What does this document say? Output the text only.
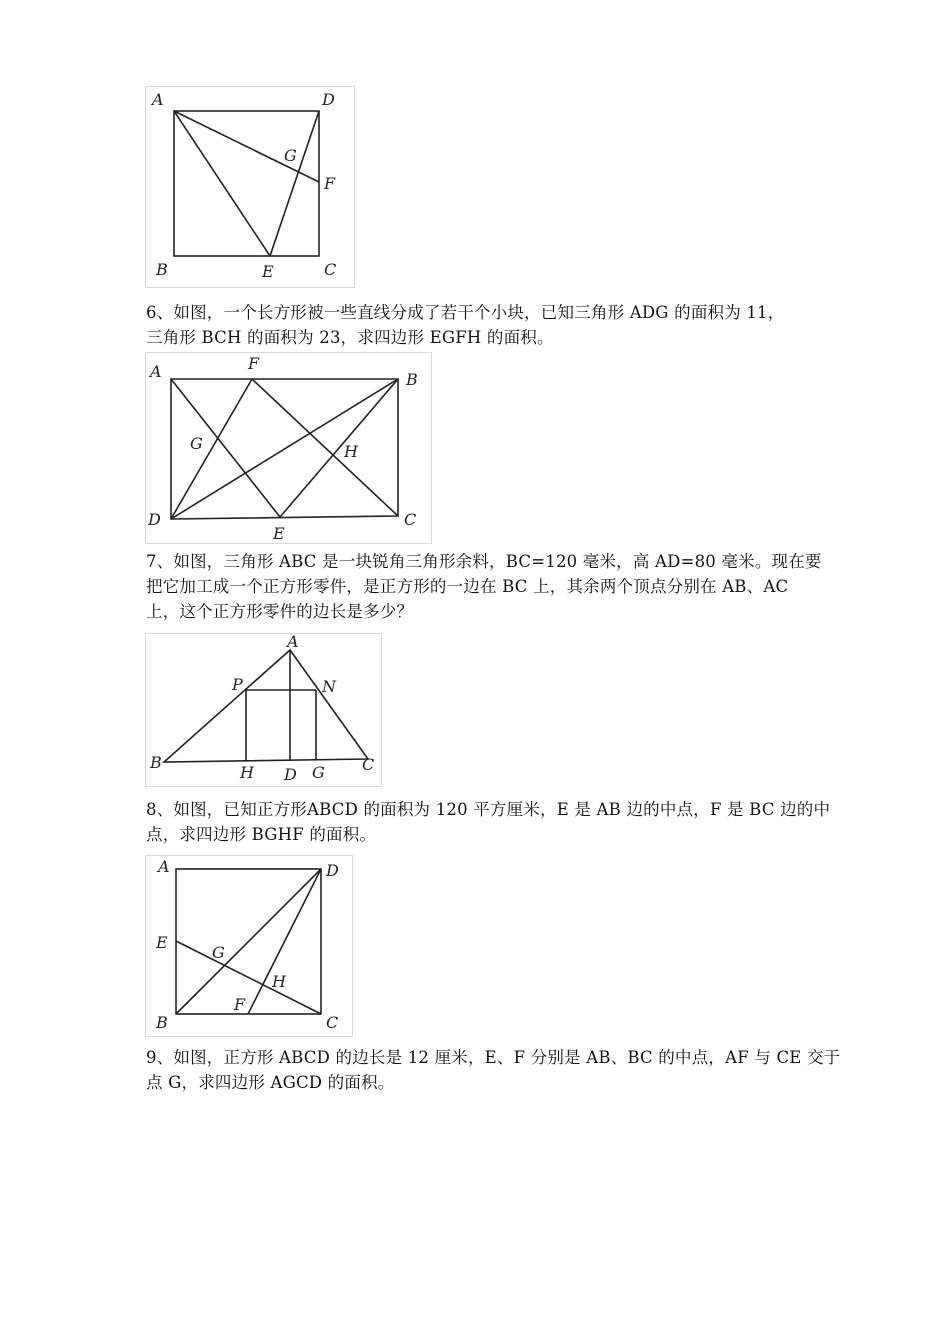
A	D
G
F
B	E	C

6、如图，一个长方形被一些直线分成了若干个小块，已知三角形 ADG 的面积为 11，
三角形 BCH 的面积为 23，求四边形 EGFH 的面积。

A	F
B
G	H
D
E
C

7、如图，三角形 ABC 是一块锐角三角形余料，BC=120 毫米，高 AD=80 毫米。现在要
把它加工成一个正方形零件，是正方形的一边在 BC 上，其余两个顶点分别在 AB、AC
上，这个正方形零件的边长是多少？

A
P	N
B
H D G C

8、如图，已知正方形ABCD 的面积为 120 平方厘米，E 是 AB 边的中点，F 是 BC 边的中
点，求四边形 BGHF 的面积。

A	D
E
G
H
F
B	C

9、如图，正方形 ABCD 的边长是 12 厘米，E、F 分别是 AB、BC 的中点，AF 与 CE 交于
点 G，求四边形 AGCD 的面积。
